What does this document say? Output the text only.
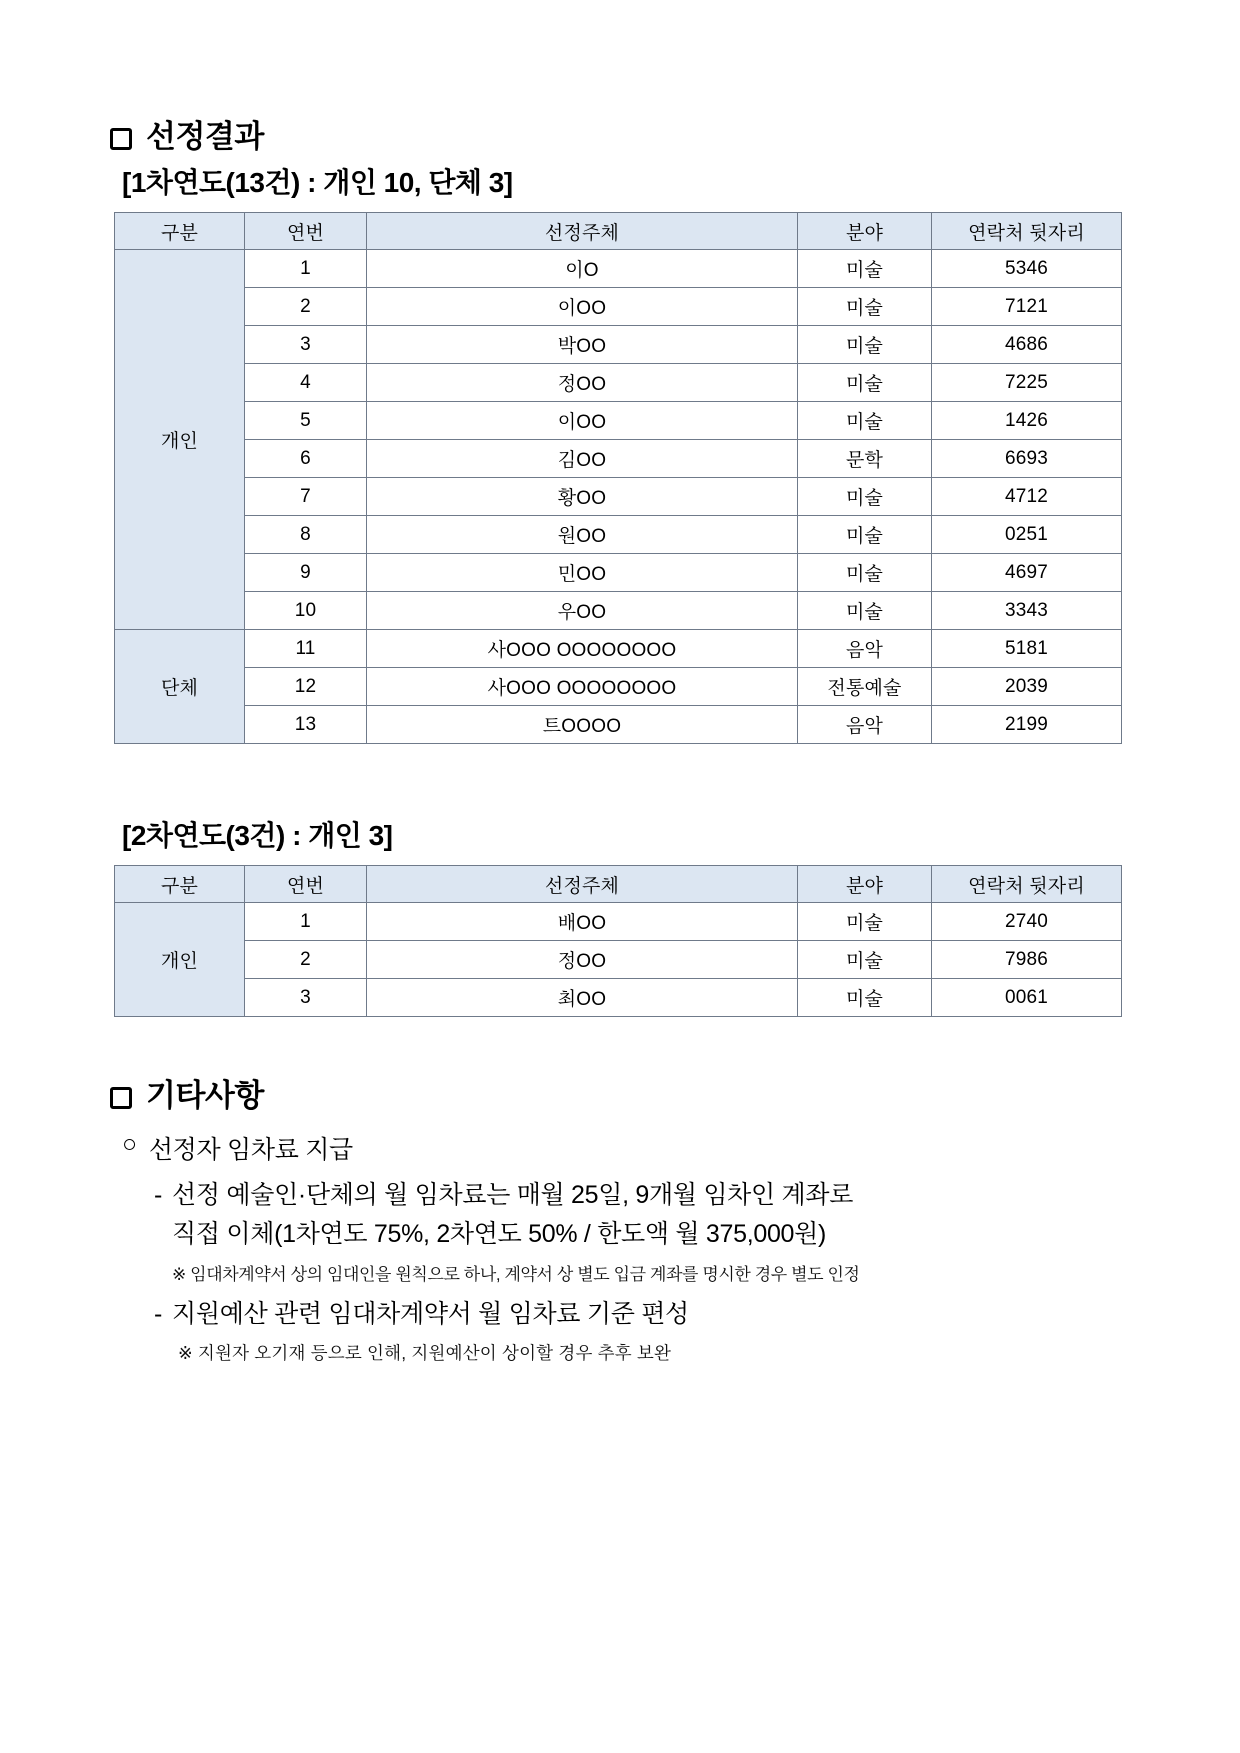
선정결과
[1차연도(13건) : 개인 10, 단체 3]
구분	연번	선정주체	분야	연락처 뒷자리
개인	1	이O	미술	5346
	2	이OO	미술	7121
	3	박OO	미술	4686
	4	정OO	미술	7225
	5	이OO	미술	1426
	6	김OO	문학	6693
	7	황OO	미술	4712
	8	원OO	미술	0251
	9	민OO	미술	4697
	10	우OO	미술	3343
단체	11	사OOO OOOOOOOO	음악	5181
	12	사OOO OOOOOOOO	전통예술	2039
	13	트OOOO	음악	2199
[2차연도(3건) : 개인 3]
구분	연번	선정주체	분야	연락처 뒷자리
개인	1	배OO	미술	2740
	2	정OO	미술	7986
	3	최OO	미술	0061
기타사항
○ 선정자 임차료 지급
- 선정 예술인·단체의 월 임차료는 매월 25일, 9개월 임차인 계좌로
직접 이체(1차연도 75%, 2차연도 50% / 한도액 월 375,000원)
※ 임대차계약서 상의 임대인을 원칙으로 하나, 계약서 상 별도 입금 계좌를 명시한 경우 별도 인정
- 지원예산 관련 임대차계약서 월 임차료 기준 편성
※ 지원자 오기재 등으로 인해, 지원예산이 상이할 경우 추후 보완
